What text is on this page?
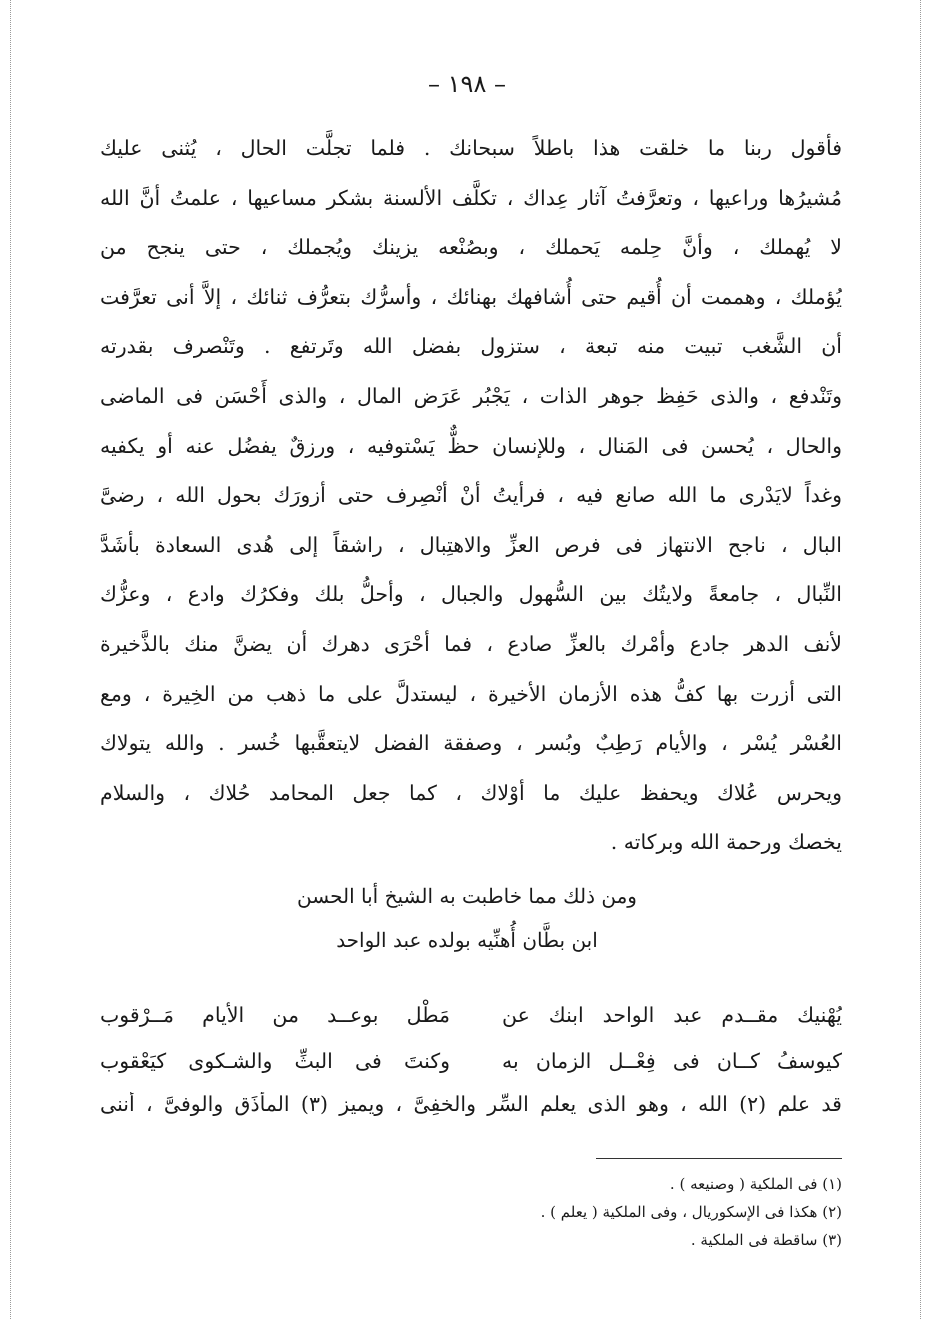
– ١٩٨ –
فأقول ربنا ما خلقت هذا باطلاً سبحانك . فلما تجلَّت الحال ، يُثنى عليك
مُشيرُها وراعيها ، وتعرَّفتُ آثار عِداك ، تكلَّف الألسنة بشكر مساعيها ، علمتُ أنَّ الله
لا يُهملك ، وأنَّ حِلمه يَحملك ، وبصُنْعه يزينك ويُجملك ، حتى ينجح من
يُؤملك ، وهممت أن أُقيم حتى أُشافهك بهنائك ، وأسرُّك بتعرُّف ثنائك ، إلاَّ أنى تعرَّفت
أن الشَّغب تبيت منه تبعة ، ستزول بفضل الله وتَرتفع . وتَنْصرف بقدرته
وتَنْدفع ، والذى حَفِظ جوهر الذات ، يَجْبُر عَرَض المال ، والذى أَحْسَن فى الماضى
والحال ، يُحسن فى المَنال ، وللإنسان حظٌّ يَسْتوفيه ، ورزقٌ يفضُل عنه أو يكفيه
وغداً لايَدْرى ما الله صانع فيه ، فرأيتُ أنْ أنْصِرف حتى أزورَك بحول الله ، رضىَّ
البال ، ناجح الانتهاز فى فرص العزِّ والاهتِبال ، راشقاً إلى هُدى السعادة بأشَدَّ
النِّبال ، جامعةً ولايتُك بين السُّهول والجبال ، وأحلُّ بلك وفكرُك وادع ، وعزُّك
لأنف الدهر جادع وأمْرك بالعزِّ صادع ، فما أحْرَى دهرك أن يضنَّ منك بالذَّخيرة
التى أزرت بها كفُّ هذه الأزمان الأخيرة ، ليستدلَّ على ما ذهب من الخِيرة ، ومع
العُسْر يُسْر ، والأيام رَطِبٌ وبُسر ، وصفقة الفضل لايتعقَّبها خُسر . والله يتولاك
ويحرس عُلاك ويحفظ عليك ما أوْلاك ، كما جعل المحامد حُلاك ، والسلام
يخصك ورحمة الله وبركاته .
ومن ذلك مما خاطبت به الشيخ أبا الحسن
ابن بطَّان أُهنِّيه بولده عبد الواحد
يُهْنيك مقــدم عبد الواحد ابنك عن
مَطْل بوعــد من الأيام مَــرْقوب
كيوسفُ كــان فى فِعْــل الزمان به
وكنتَ فى البثِّ والشـكوى كيَعْقوب
قد علم (٢) الله ، وهو الذى يعلم السِّر والخفِىَّ ، ويميز (٣) المأْذَق والوفىَّ ، أننى
(١) فى الملكية ( وصنيعه ) .
(٢) هكذا فى الإسكوريال ، وفى الملكية ( يعلم ) .
(٣) ساقطة فى الملكية .
